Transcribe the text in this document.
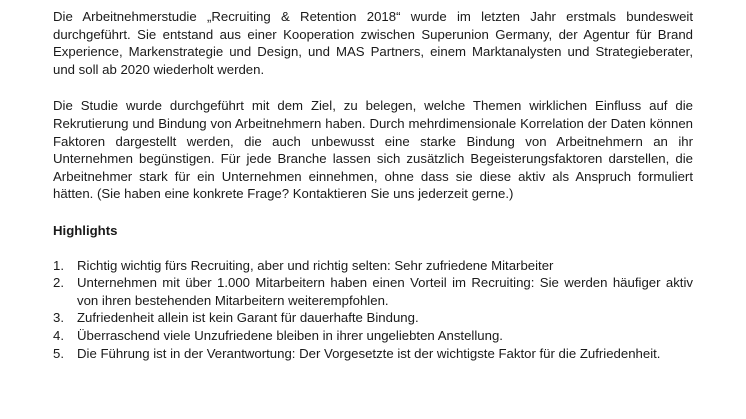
Die Arbeitnehmerstudie „Recruiting & Retention 2018“ wurde im letzten Jahr erstmals bundesweit durchgeführt. Sie entstand aus einer Kooperation zwischen Superunion Germany, der Agentur für Brand Experience, Markenstrategie und Design, und MAS Partners, einem Marktanalysten und Strategieberater, und soll ab 2020 wiederholt werden.

Die Studie wurde durchgeführt mit dem Ziel, zu belegen, welche Themen wirklichen Einfluss auf die Rekrutierung und Bindung von Arbeitnehmern haben. Durch mehrdimensionale Korrelation der Daten können Faktoren dargestellt werden, die auch unbewusst eine starke Bindung von Arbeitnehmern an ihr Unternehmen begünstigen. Für jede Branche lassen sich zusätzlich Begeisterungsfaktoren darstellen, die Arbeitnehmer stark für ein Unternehmen einnehmen, ohne dass sie diese aktiv als Anspruch formuliert hätten. (Sie haben eine konkrete Frage? Kontaktieren Sie uns jederzeit gerne.)

Highlights
1. Richtig wichtig fürs Recruiting, aber und richtig selten: Sehr zufriedene Mitarbeiter
2. Unternehmen mit über 1.000 Mitarbeitern haben einen Vorteil im Recruiting: Sie werden häufiger aktiv von ihren bestehenden Mitarbeitern weiterempfohlen.
3. Zufriedenheit allein ist kein Garant für dauerhafte Bindung.
4. Überraschend viele Unzufriedene bleiben in ihrer ungeliebten Anstellung.
5. Die Führung ist in der Verantwortung: Der Vorgesetzte ist der wichtigste Faktor für die Zufriedenheit.
